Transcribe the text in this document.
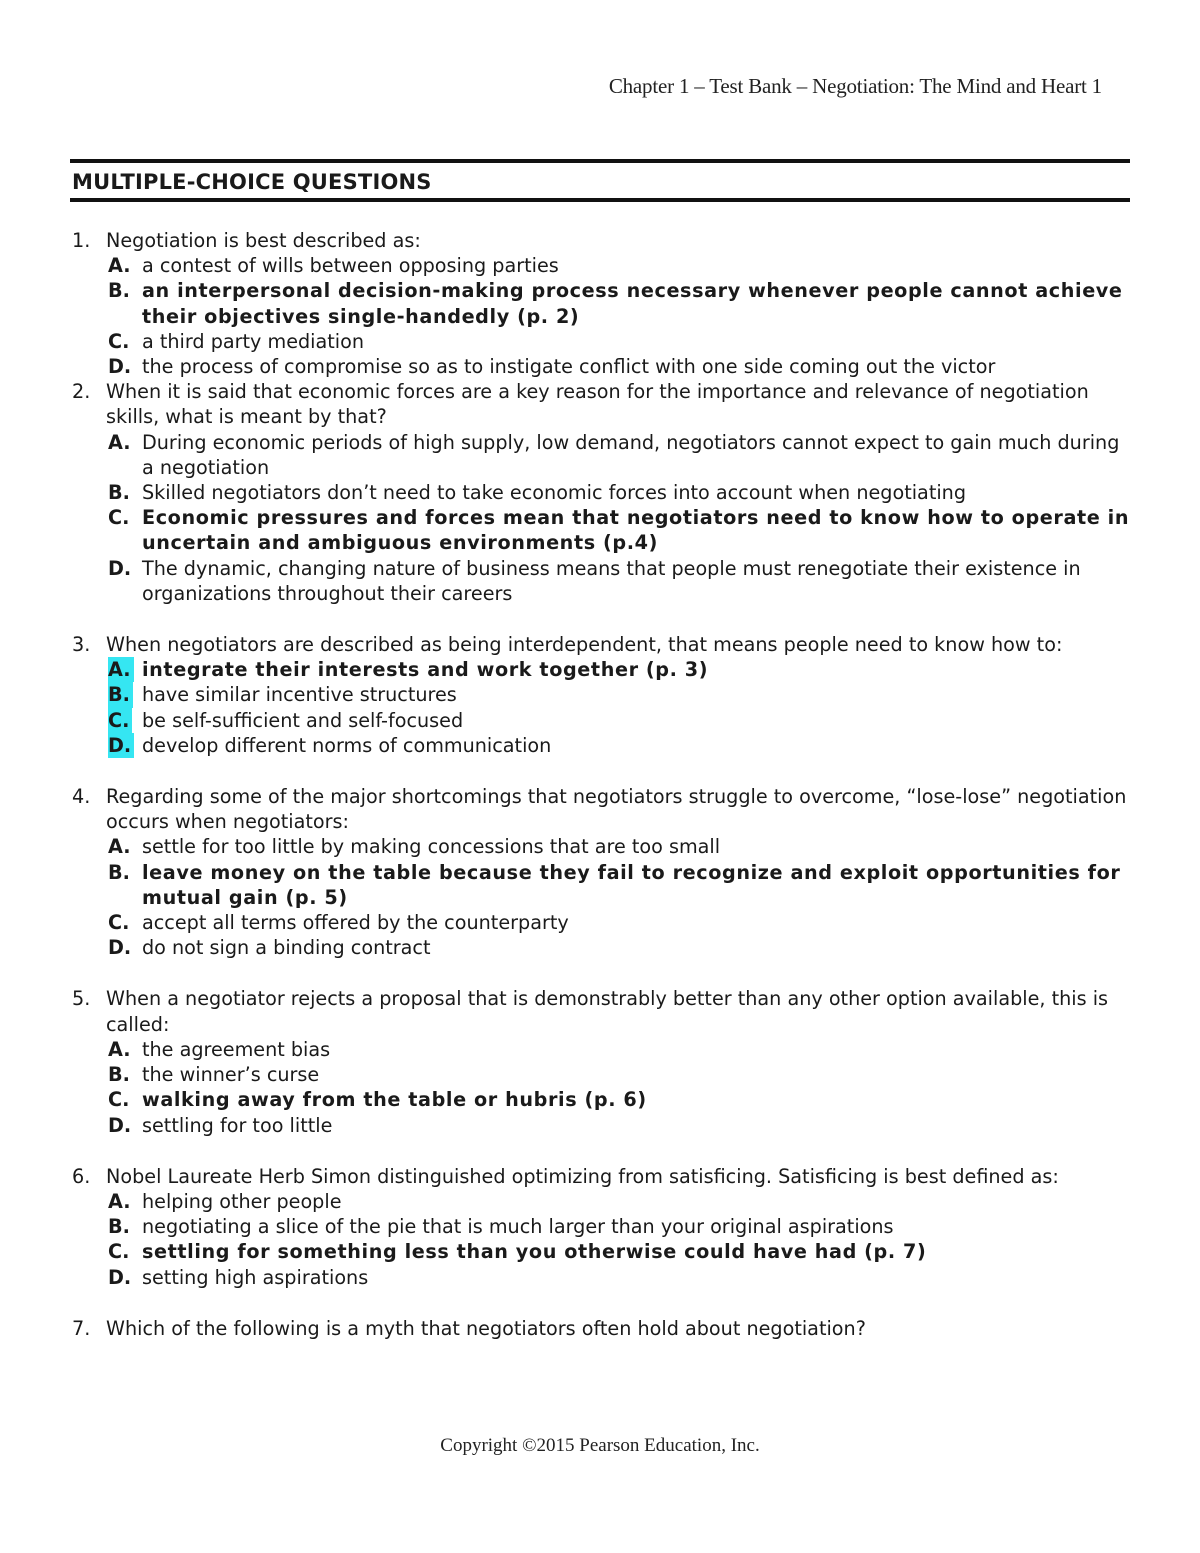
Chapter 1 – Test Bank – Negotiation: The Mind and Heart 1
MULTIPLE-CHOICE QUESTIONS
1. Negotiation is best described as:
A. a contest of wills between opposing parties
B. an interpersonal decision-making process necessary whenever people cannot achieve their objectives single-handedly (p. 2)
C. a third party mediation
D. the process of compromise so as to instigate conflict with one side coming out the victor
2. When it is said that economic forces are a key reason for the importance and relevance of negotiation skills, what is meant by that?
A. During economic periods of high supply, low demand, negotiators cannot expect to gain much during a negotiation
B. Skilled negotiators don’t need to take economic forces into account when negotiating
C. Economic pressures and forces mean that negotiators need to know how to operate in uncertain and ambiguous environments (p.4)
D. The dynamic, changing nature of business means that people must renegotiate their existence in organizations throughout their careers
3. When negotiators are described as being interdependent, that means people need to know how to:
A. integrate their interests and work together (p. 3)
B. have similar incentive structures
C. be self-sufficient and self-focused
D. develop different norms of communication
4. Regarding some of the major shortcomings that negotiators struggle to overcome, “lose-lose” negotiation occurs when negotiators:
A. settle for too little by making concessions that are too small
B. leave money on the table because they fail to recognize and exploit opportunities for mutual gain (p. 5)
C. accept all terms offered by the counterparty
D. do not sign a binding contract
5. When a negotiator rejects a proposal that is demonstrably better than any other option available, this is called:
A. the agreement bias
B. the winner’s curse
C. walking away from the table or hubris (p. 6)
D. settling for too little
6. Nobel Laureate Herb Simon distinguished optimizing from satisficing. Satisficing is best defined as:
A. helping other people
B. negotiating a slice of the pie that is much larger than your original aspirations
C. settling for something less than you otherwise could have had (p. 7)
D. setting high aspirations
7. Which of the following is a myth that negotiators often hold about negotiation?
Copyright ©2015 Pearson Education, Inc.
